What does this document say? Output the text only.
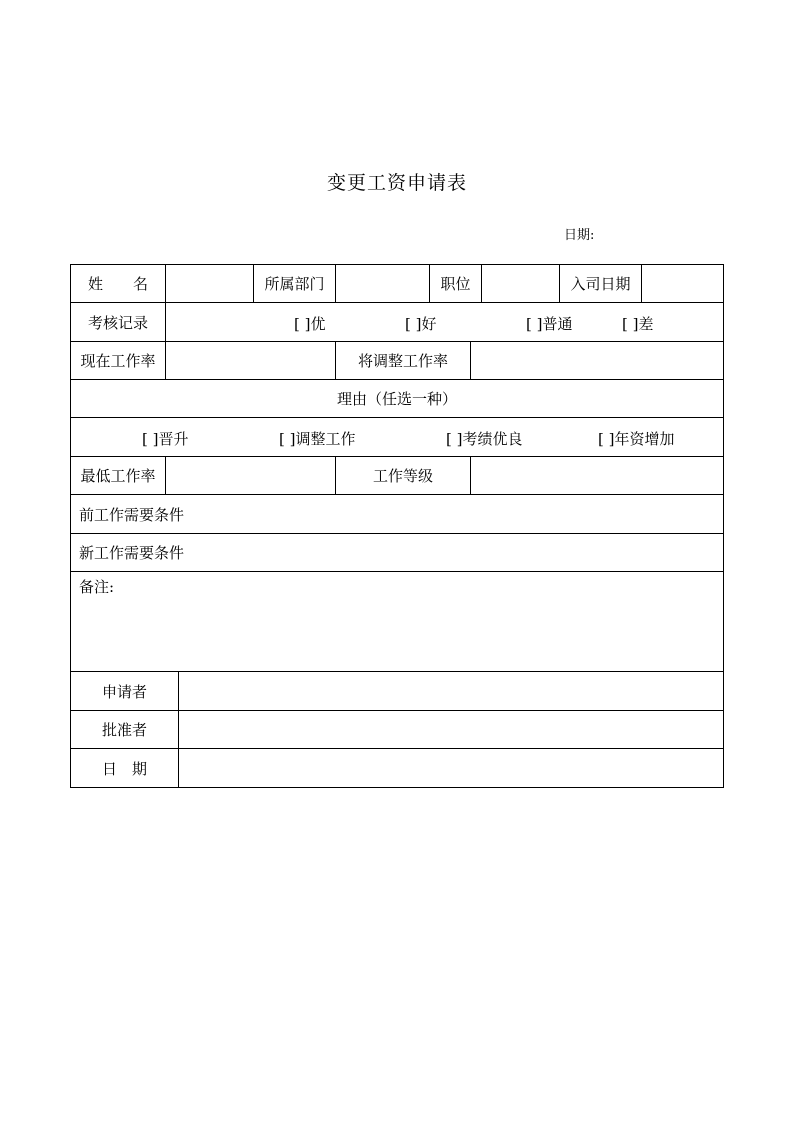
变更工资申请表
日期:
姓　　名	所属部门	职位	入司日期
考核记录	[ ]优	[ ]好	[ ]普通	[ ]差
现在工作率	将调整工作率
理由（任选一种）
[ ]晋升	[ ]调整工作	[ ]考绩优良	[ ]年资增加
最低工作率	工作等级
前工作需要条件
新工作需要条件
备注:
申请者
批准者
日　期
